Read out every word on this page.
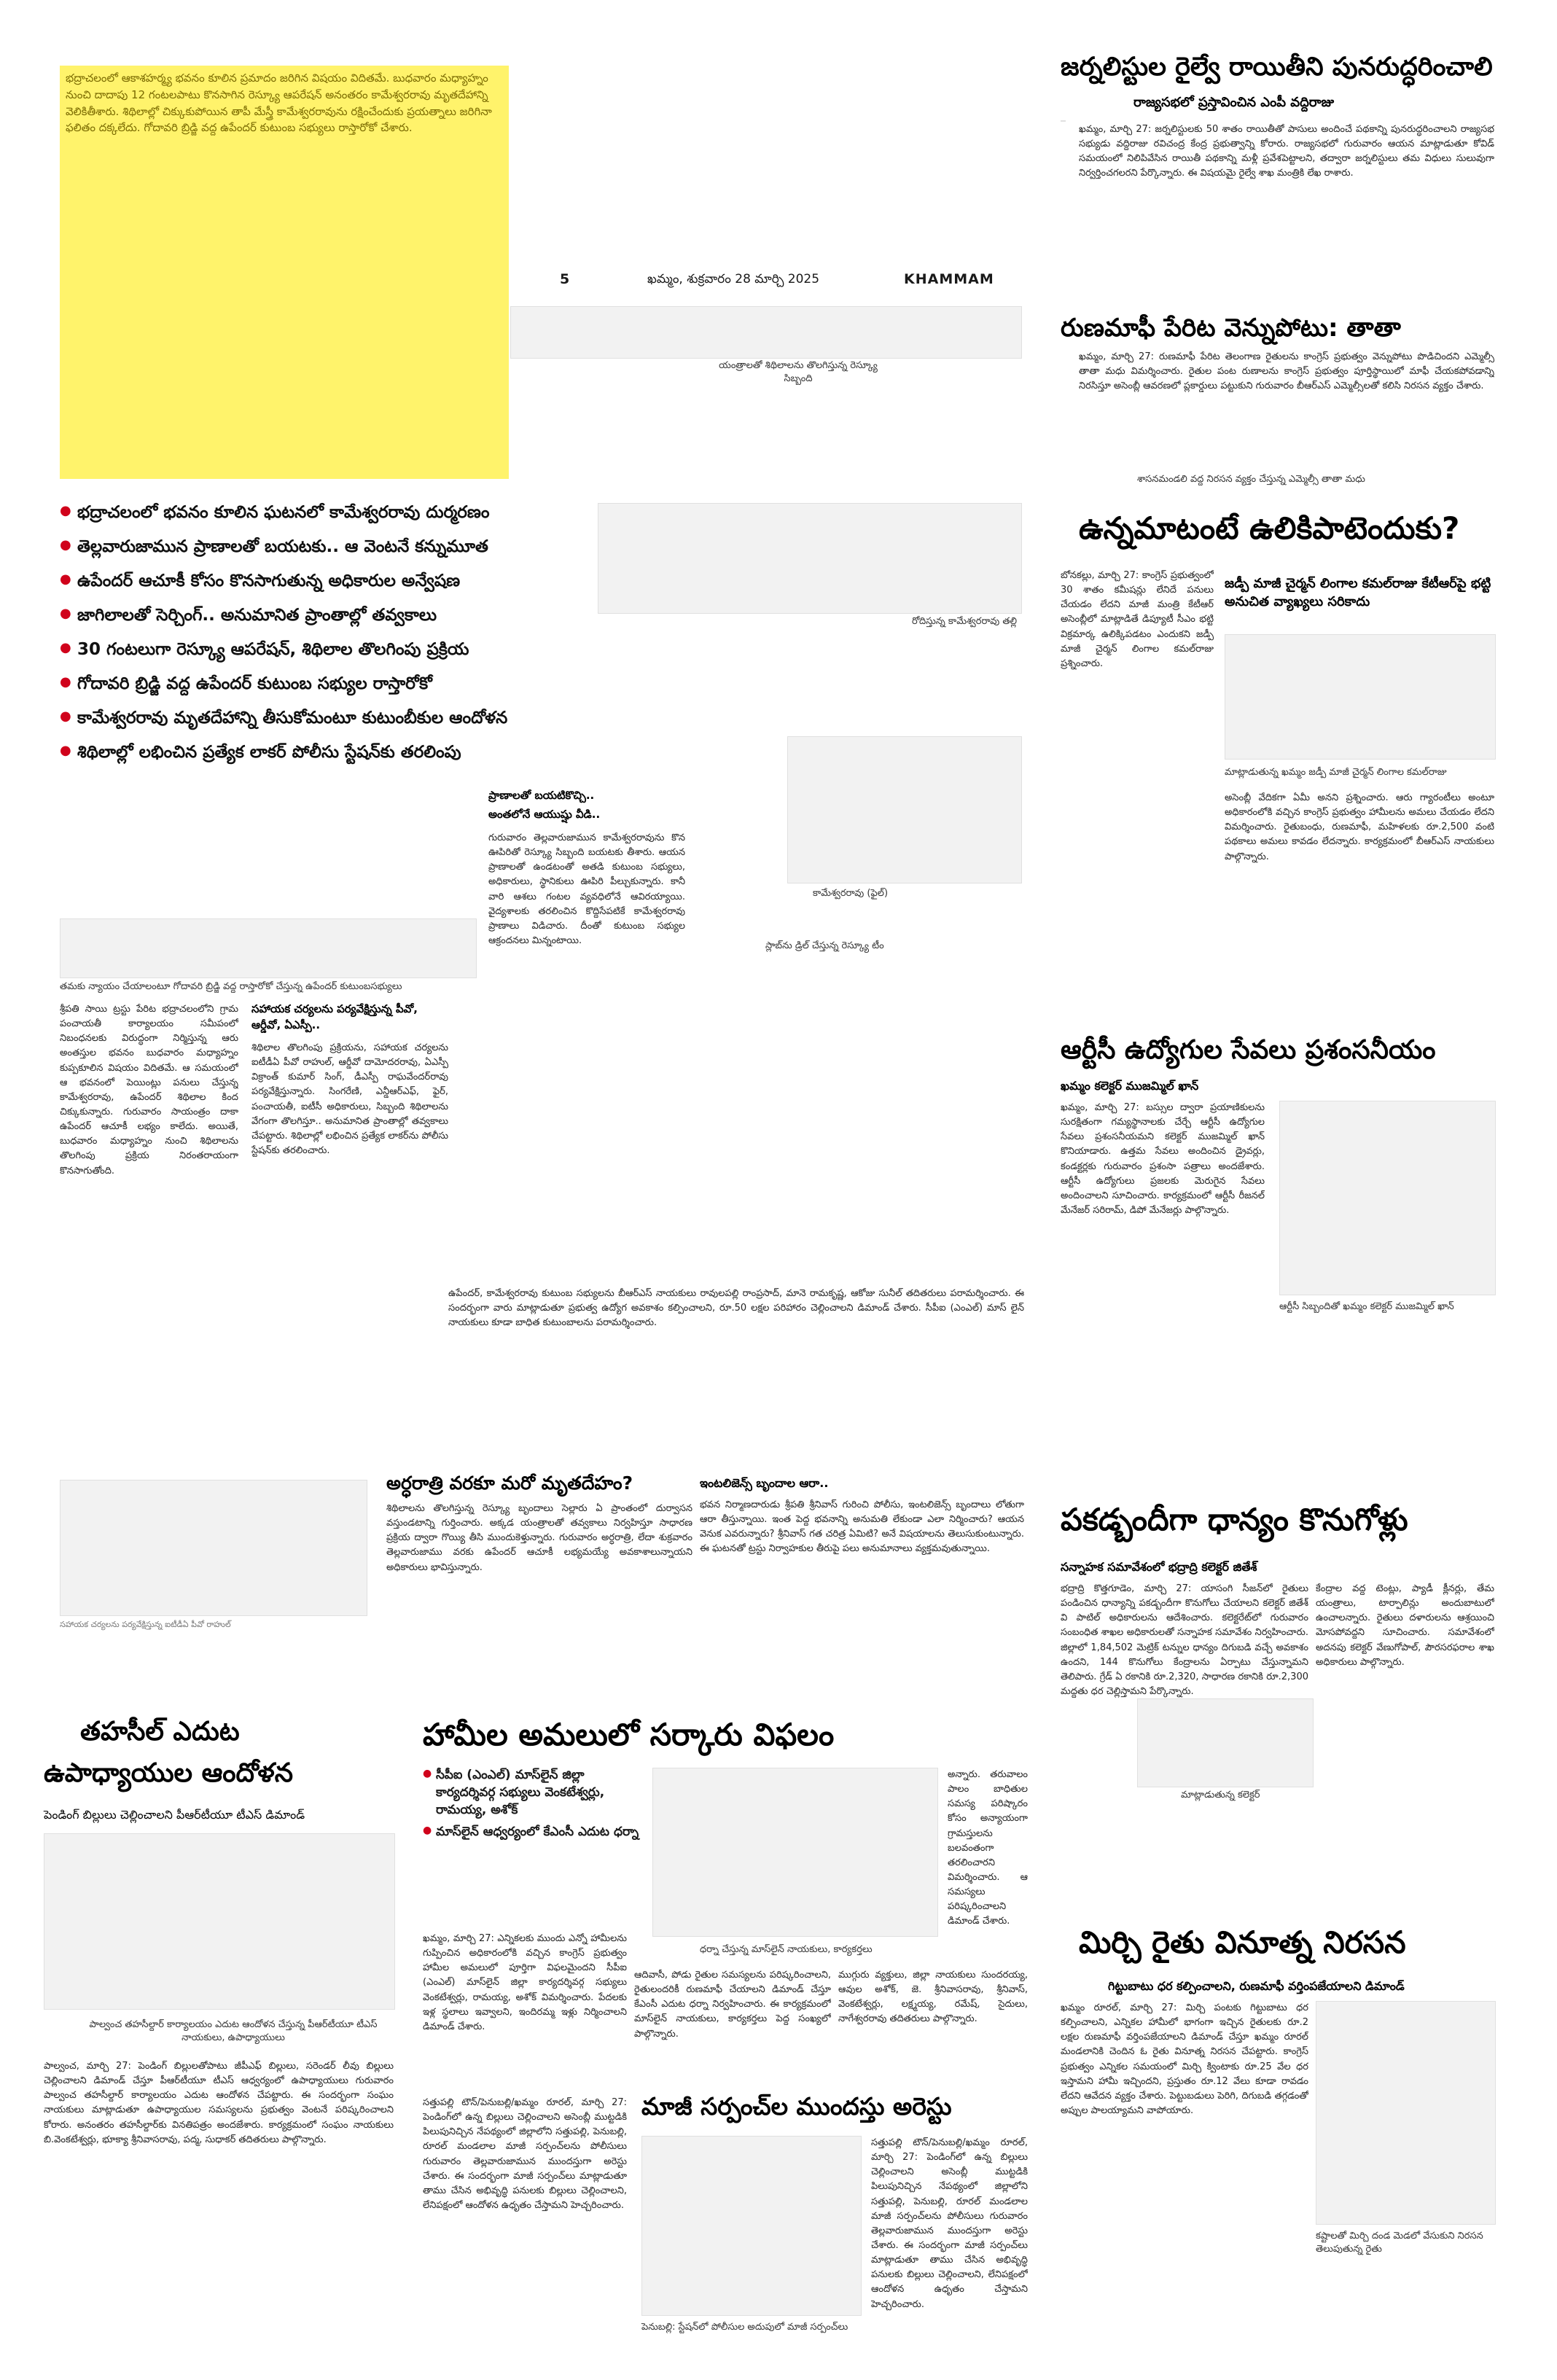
భద్రాచలంలో ఆకాశహర్మ్య భవనం కూలిన ప్రమాదం జరిగిన విషయం విదితమే. బుధవారం మధ్యాహ్నం నుంచి దాదాపు 12 గంటలపాటు కొనసాగిన రెస్క్యూ ఆపరేషన్ అనంతరం కామేశ్వరరావు మృతదేహాన్ని వెలికితీశారు. శిథిలాల్లో చిక్కుకుపోయిన తాపీ మేస్త్రీ కామేశ్వరరావును రక్షించేందుకు ప్రయత్నాలు జరిగినా ఫలితం దక్కలేదు. గోదావరి బ్రిడ్జి వద్ద ఉపేందర్ కుటుంబ సభ్యులు రాస్తారోకో చేశారు.
5	ఖమ్మం, శుక్రవారం 28 మార్చి 2025	KHAMMAM
యంత్రాలతో శిథిలాలను తొలగిస్తున్న రెస్క్యూ సిబ్బంది
● భద్రాచలంలో భవనం కూలిన ఘటనలో కామేశ్వరరావు దుర్మరణం
● తెల్లవారుజామున ప్రాణాలతో బయటకు.. ఆ వెంటనే కన్నుమూత
● ఉపేందర్ ఆచూకీ కోసం కొనసాగుతున్న అధికారుల అన్వేషణ
● జాగిలాలతో సెర్చింగ్.. అనుమానిత ప్రాంతాల్లో తవ్వకాలు
● 30 గంటలుగా రెస్క్యూ ఆపరేషన్, శిథిలాల తొలగింపు ప్రక్రియ
● గోదావరి బ్రిడ్జి వద్ద ఉపేందర్ కుటుంబ సభ్యుల రాస్తారోకో
● కామేశ్వరరావు మృతదేహాన్ని తీసుకోమంటూ కుటుంబీకుల ఆందోళన
● శిథిలాల్లో లభించిన ప్రత్యేక లాకర్ పోలీసు స్టేషన్‌కు తరలింపు
రోదిస్తున్న కామేశ్వరరావు తల్లి
కామేశ్వరరావు (ఫైల్)
స్లాబ్‌ను డ్రిల్ చేస్తున్న రెస్క్యూ టీం
తమకు న్యాయం చేయాలంటూ గోదావరి బ్రిడ్జి వద్ద రాస్తారోకో చేస్తున్న ఉపేందర్ కుటుంబసభ్యులు
శ్రీపతి సాయి ట్రస్టు పేరిట భద్రాచలంలోని గ్రామ పంచాయతీ కార్యాలయం సమీపంలో నిబంధనలకు విరుద్ధంగా నిర్మిస్తున్న ఆరు అంతస్తుల భవనం బుధవారం మధ్యాహ్నం కుప్పకూలిన విషయం విదితమే. ఆ సమయంలో ఆ భవనంలో పెయింట్లు పనులు చేస్తున్న కామేశ్వరరావు, ఉపేందర్ శిథిలాల కింద చిక్కుకున్నారు. గురువారం సాయంత్రం దాకా ఉపేందర్ ఆచూకీ లభ్యం కాలేదు. అయితే, బుధవారం మధ్యాహ్నం నుంచి శిథిలాలను తొలగింపు ప్రక్రియ నిరంతరాయంగా కొనసాగుతోంది.
సహాయక చర్యలను పర్యవేక్షిస్తున్న పీవో, ఆర్డీవో, ఏఎస్పీ..
శిథిలాల తొలగింపు ప్రక్రియను, సహాయక చర్యలను ఐటీడీఏ పీవో రాహుల్, ఆర్డీవో దామోదరరావు, ఏఎస్పీ విక్రాంత్ కుమార్ సింగ్, డీఎస్పీ రాఘవేందర్‌రావు పర్యవేక్షిస్తున్నారు. సింగరేణి, ఎన్డీఆర్ఎఫ్, ఫైర్, పంచాయతీ, ఐటీసీ అధికారులు, సిబ్బంది శిథిలాలను వేగంగా తొలగిస్తూ.. అనుమానిత ప్రాంతాల్లో తవ్వకాలు చేపట్టారు. శిథిలాల్లో లభించిన ప్రత్యేక లాకర్‌ను పోలీసు స్టేషన్‌కు తరలించారు.
ప్రాణాలతో బయటికొచ్చి..
అంతలోనే ఆయుష్షు వీడి..
గురువారం తెల్లవారుజామున కామేశ్వరరావును కొన ఊపిరితో రెస్క్యూ సిబ్బంది బయటకు తీశారు. ఆయన ప్రాణాలతో ఉండటంతో అతడి కుటుంబ సభ్యులు, అధికారులు, స్థానికులు ఊపిరి పీల్చుకున్నారు. కానీ వారి ఆశలు గంటల వ్యవధిలోనే ఆవిరయ్యాయి. వైద్యశాలకు తరలించిన కొద్దిసేపటికే కామేశ్వరరావు ప్రాణాలు విడిచారు. దీంతో కుటుంబ సభ్యుల ఆక్రందనలు మిన్నంటాయి.
ఉపేందర్, కామేశ్వరరావు కుటుంబ సభ్యులను బీఆర్ఎస్ నాయకులు రావులపల్లి రాంప్రసాద్, మానె రామకృష్ణ, ఆకోజు సునీల్ తదితరులు పరామర్శించారు. ఈ సందర్భంగా వారు మాట్లాడుతూ ప్రభుత్వ ఉద్యోగ అవకాశం కల్పించాలని, రూ.50 లక్షల పరిహారం చెల్లించాలని డిమాండ్ చేశారు. సీపీఐ (ఎంఎల్) మాస్ లైన్ నాయకులు కూడా బాధిత కుటుంబాలను పరామర్శించారు.
అర్ధరాత్రి వరకూ మరో మృతదేహం?
శిథిలాలను తొలగిస్తున్న రెస్క్యూ బృందాలు సెల్లారు ఏ ప్రాంతంలో దుర్వాసన వస్తుండటాన్ని గుర్తించారు. అక్కడ యంత్రాలతో తవ్వకాలు నిర్వహిస్తూ సాధారణ ప్రక్రియ ద్వారా గొయ్యి తీసి ముందుకెళ్తున్నారు. గురువారం అర్ధరాత్రి, లేదా శుక్రవారం తెల్లవారుజాము వరకు ఉపేందర్ ఆచూకీ లభ్యమయ్యే అవకాశాలున్నాయని అధికారులు భావిస్తున్నారు.
సహాయక చర్యలను పర్యవేక్షిస్తున్న ఐటీడీఏ పీవో రాహుల్
ఇంటలిజెన్స్ బృందాల ఆరా..
భవన నిర్మాణదారుడు శ్రీపతి శ్రీనివాస్ గురించి పోలీసు, ఇంటలిజెన్స్ బృందాలు లోతుగా ఆరా తీస్తున్నాయి. ఇంత పెద్ద భవనాన్ని అనుమతి లేకుండా ఎలా నిర్మించారు? ఆయన వెనుక ఎవరున్నారు? శ్రీనివాస్ గత చరిత్ర ఏమిటి? అనే విషయాలను తెలుసుకుంటున్నారు. ఈ ఘటనతో ట్రస్టు నిర్వాహకుల తీరుపై పలు అనుమానాలు వ్యక్తమవుతున్నాయి.
తహసీల్ ఎదుట
ఉపాధ్యాయుల ఆందోళన
పెండింగ్ బిల్లులు చెల్లించాలని పీఆర్‌టీయూ టీఎస్ డిమాండ్
పాల్వంచ తహసీల్దార్ కార్యాలయం ఎదుట ఆందోళన చేస్తున్న పీఆర్‌టీయూ టీఎస్ నాయకులు, ఉపాధ్యాయులు
పాల్వంచ, మార్చి 27: పెండింగ్ బిల్లులతోపాటు జీపీఎఫ్ బిల్లులు, సరెండర్ లీవు బిల్లులు చెల్లించాలని డిమాండ్ చేస్తూ పీఆర్‌టీయూ టీఎస్ ఆధ్వర్యంలో ఉపాధ్యాయులు గురువారం పాల్వంచ తహసీల్దార్ కార్యాలయం ఎదుట ఆందోళన చేపట్టారు. ఈ సందర్భంగా సంఘం నాయకులు మాట్లాడుతూ ఉపాధ్యాయుల సమస్యలను ప్రభుత్వం వెంటనే పరిష్కరించాలని కోరారు. అనంతరం తహసీల్దార్‌కు వినతిపత్రం అందజేశారు. కార్యక్రమంలో సంఘం నాయకులు బి.వెంకటేశ్వర్లు, భూక్యా శ్రీనివాసరావు, పద్మ, సుధాకర్ తదితరులు పాల్గొన్నారు.
హామీల అమలులో సర్కారు విఫలం
● సీపీఐ (ఎంఎల్) మాస్‌లైన్ జిల్లా కార్యదర్శివర్గ సభ్యులు వెంకటేశ్వర్లు, రామయ్య, అశోక్
● మాస్‌లైన్ ఆధ్వర్యంలో కేఎంసీ ఎదుట ధర్నా
ధర్నా చేస్తున్న మాస్‌లైన్ నాయకులు, కార్యకర్తలు
అన్నారు. తరువాలం పాలం బాధితుల సమస్య పరిష్కారం కోసం అన్యాయంగా గ్రామస్తులను బలవంతంగా తరలించారని విమర్శించారు. ఆ సమస్యలు పరిష్కరించాలని డిమాండ్ చేశారు.
ఖమ్మం, మార్చి 27: ఎన్నికలకు ముందు ఎన్నో హామీలను గుప్పించిన అధికారంలోకి వచ్చిన కాంగ్రెస్ ప్రభుత్వం హామీల అమలులో పూర్తిగా విఫలమైందని సీపీఐ (ఎంఎల్) మాస్‌లైన్ జిల్లా కార్యదర్శివర్గ సభ్యులు వెంకటేశ్వర్లు, రామయ్య, అశోక్ విమర్శించారు. పేదలకు ఇళ్ల స్థలాలు ఇవ్వాలని, ఇందిరమ్మ ఇళ్లు నిర్మించాలని డిమాండ్ చేశారు.
ఆదివాసీ, పోడు రైతుల సమస్యలను పరిష్కరించాలని, రైతులందరికీ రుణమాఫీ చేయాలని డిమాండ్ చేస్తూ కేఎంసీ ఎదుట ధర్నా నిర్వహించారు. ఈ కార్యక్రమంలో మాస్‌లైన్ నాయకులు, కార్యకర్తలు పెద్ద సంఖ్యలో పాల్గొన్నారు.
ముగ్గురు వ్యక్తులు, జిల్లా నాయకులు సుందరయ్య, ఆవుల అశోక్, జె. శ్రీనివాసరావు, శ్రీనివాస్, వెంకటేశ్వర్లు, లక్ష్మయ్య, రమేష్, సైదులు, నాగేశ్వరరావు తదితరులు పాల్గొన్నారు.
మాజీ సర్పంచ్‌ల ముందస్తు అరెస్టు
సత్తుపల్లి టౌన్/పెనుబల్లి/ఖమ్మం రూరల్, మార్చి 27: పెండింగ్‌లో ఉన్న బిల్లులు చెల్లించాలని అసెంబ్లీ ముట్టడికి పిలుపునిచ్చిన నేపథ్యంలో జిల్లాలోని సత్తుపల్లి, పెనుబల్లి, రూరల్ మండలాల మాజీ సర్పంచ్‌లను పోలీసులు గురువారం తెల్లవారుజామున ముందస్తుగా అరెస్టు చేశారు. ఈ సందర్భంగా మాజీ సర్పంచ్‌లు మాట్లాడుతూ తాము చేసిన అభివృద్ధి పనులకు బిల్లులు చెల్లించాలని, లేనిపక్షంలో ఆందోళన ఉధృతం చేస్తామని హెచ్చరించారు.
పెనుబల్లి: స్టేషన్‌లో పోలీసుల అదుపులో మాజీ సర్పంచ్‌లు
సత్తుపల్లి టౌన్/పెనుబల్లి/ఖమ్మం రూరల్, మార్చి 27: పెండింగ్‌లో ఉన్న బిల్లులు చెల్లించాలని అసెంబ్లీ ముట్టడికి పిలుపునిచ్చిన నేపథ్యంలో జిల్లాలోని సత్తుపల్లి, పెనుబల్లి, రూరల్ మండలాల మాజీ సర్పంచ్‌లను పోలీసులు గురువారం తెల్లవారుజామున ముందస్తుగా అరెస్టు చేశారు. ఈ సందర్భంగా మాజీ సర్పంచ్‌లు మాట్లాడుతూ తాము చేసిన అభివృద్ధి పనులకు బిల్లులు చెల్లించాలని, లేనిపక్షంలో ఆందోళన ఉధృతం చేస్తామని హెచ్చరించారు.
జర్నలిస్టుల రైల్వే రాయితీని పునరుద్ధరించాలి
రాజ్యసభలో ప్రస్తావించిన ఎంపీ వద్దిరాజు
ఖమ్మం, మార్చి 27: జర్నలిస్టులకు 50 శాతం రాయితీతో పాసులు అందించే పథకాన్ని పునరుద్ధరించాలని రాజ్యసభ సభ్యుడు వద్దిరాజు రవిచంద్ర కేంద్ర ప్రభుత్వాన్ని కోరారు. రాజ్యసభలో గురువారం ఆయన మాట్లాడుతూ కోవిడ్ సమయంలో నిలిపివేసిన రాయితీ పథకాన్ని మళ్లీ ప్రవేశపెట్టాలని, తద్వారా జర్నలిస్టులు తమ విధులు సులువుగా నిర్వర్తించగలరని పేర్కొన్నారు. ఈ విషయమై రైల్వే శాఖ మంత్రికి లేఖ రాశారు.
రుణమాఫీ పేరిట వెన్నుపోటు: తాతా
ఖమ్మం, మార్చి 27: రుణమాఫీ పేరిట తెలంగాణ రైతులను కాంగ్రెస్ ప్రభుత్వం వెన్నుపోటు పొడిచిందని ఎమ్మెల్సీ తాతా మధు విమర్శించారు. రైతుల పంట రుణాలను కాంగ్రెస్ ప్రభుత్వం పూర్తిస్థాయిలో మాఫీ చేయకపోవడాన్ని నిరసిస్తూ అసెంబ్లీ ఆవరణలో ప్లకార్డులు పట్టుకుని గురువారం బీఆర్ఎస్ ఎమ్మెల్సీలతో కలిసి నిరసన వ్యక్తం చేశారు.
శాసనమండలి వద్ద నిరసన వ్యక్తం చేస్తున్న ఎమ్మెల్సీ తాతా మధు
ఉన్నమాటంటే ఉలికిపాటెందుకు?
బోనకల్లు, మార్చి 27: కాంగ్రెస్ ప్రభుత్వంలో 30 శాతం కమీషన్లు లేనిదే పనులు చేయడం లేదని మాజీ మంత్రి కేటీఆర్ అసెంబ్లీలో మాట్లాడితే డిప్యూటీ సీఎం భట్టి విక్రమార్క ఉలిక్కిపడటం ఎందుకని జడ్పీ మాజీ చైర్మన్ లింగాల కమల్‌రాజు ప్రశ్నించారు.
జడ్పీ మాజీ చైర్మన్ లింగాల కమల్‌రాజు కేటీఆర్‌పై భట్టి అనుచిత వ్యాఖ్యలు సరికాదు
మాట్లాడుతున్న ఖమ్మం జడ్పీ మాజీ చైర్మన్ లింగాల కమల్‌రాజు
అసెంబ్లీ వేదికగా ఏమీ అనని ప్రశ్నించారు. ఆరు గ్యారంటీలు అంటూ అధికారంలోకి వచ్చిన కాంగ్రెస్ ప్రభుత్వం హామీలను అమలు చేయడం లేదని విమర్శించారు. రైతుబంధు, రుణమాఫీ, మహిళలకు రూ.2,500 వంటి పథకాలు అమలు కావడం లేదన్నారు. కార్యక్రమంలో బీఆర్ఎస్ నాయకులు పాల్గొన్నారు.
ఆర్టీసీ ఉద్యోగుల సేవలు ప్రశంసనీయం
ఖమ్మం కలెక్టర్ ముజమ్మిల్ ఖాన్
ఖమ్మం, మార్చి 27: బస్సుల ద్వారా ప్రయాణికులను సురక్షితంగా గమ్యస్థానాలకు చేర్చే ఆర్టీసీ ఉద్యోగుల సేవలు ప్రశంసనీయమని కలెక్టర్ ముజమ్మిల్ ఖాన్ కొనియాడారు. ఉత్తమ సేవలు అందించిన డ్రైవర్లు, కండక్టర్లకు గురువారం ప్రశంసా పత్రాలు అందజేశారు. ఆర్టీసీ ఉద్యోగులు ప్రజలకు మెరుగైన సేవలు అందించాలని సూచించారు. కార్యక్రమంలో ఆర్టీసీ రీజనల్ మేనేజర్ సరిరామ్, డిపో మేనేజర్లు పాల్గొన్నారు.
ఆర్టీసీ సిబ్బందితో ఖమ్మం కలెక్టర్ ముజమ్మిల్ ఖాన్
పకడ్బందీగా ధాన్యం కొనుగోళ్లు
సన్నాహక సమావేశంలో భద్రాద్రి కలెక్టర్ జితేశ్
భద్రాద్రి కొత్తగూడెం, మార్చి 27: యాసంగి సీజన్‌లో రైతులు పండించిన ధాన్యాన్ని పకడ్బందీగా కొనుగోలు చేయాలని కలెక్టర్ జితేశ్ వి పాటిల్ అధికారులను ఆదేశించారు. కలెక్టరేట్‌లో గురువారం సంబంధిత శాఖల అధికారులతో సన్నాహక సమావేశం నిర్వహించారు. జిల్లాలో 1,84,502 మెట్రిక్ టన్నుల ధాన్యం దిగుబడి వచ్చే అవకాశం ఉందని, 144 కొనుగోలు కేంద్రాలను ఏర్పాటు చేస్తున్నామని తెలిపారు. గ్రేడ్ ఏ రకానికి రూ.2,320, సాధారణ రకానికి రూ.2,300 మద్దతు ధర చెల్లిస్తామని పేర్కొన్నారు.
కేంద్రాల వద్ద టెంట్లు, ప్యాడీ క్లీనర్లు, తేమ యంత్రాలు, టార్పాలిన్లు అందుబాటులో ఉంచాలన్నారు. రైతులు దళారులను ఆశ్రయించి మోసపోవద్దని సూచించారు. సమావేశంలో అదనపు కలెక్టర్ వేణుగోపాల్, పౌరసరఫరాల శాఖ అధికారులు పాల్గొన్నారు.
మాట్లాడుతున్న కలెక్టర్
మిర్చి రైతు వినూత్న నిరసన
గిట్టుబాటు ధర కల్పించాలని, రుణమాఫీ వర్తింపజేయాలని డిమాండ్
ఖమ్మం రూరల్, మార్చి 27: మిర్చి పంటకు గిట్టుబాటు ధర కల్పించాలని, ఎన్నికల హామీలో భాగంగా ఇచ్చిన రైతులకు రూ.2 లక్షల రుణమాఫీ వర్తింపజేయాలని డిమాండ్ చేస్తూ ఖమ్మం రూరల్ మండలానికి చెందిన ఓ రైతు వినూత్న నిరసన చేపట్టారు. కాంగ్రెస్ ప్రభుత్వం ఎన్నికల సమయంలో మిర్చి క్వింటాకు రూ.25 వేల ధర ఇస్తామని హామీ ఇచ్చిందని, ప్రస్తుతం రూ.12 వేలు కూడా రావడం లేదని ఆవేదన వ్యక్తం చేశారు. పెట్టుబడులు పెరిగి, దిగుబడి తగ్గడంతో అప్పుల పాలయ్యామని వాపోయారు.
కష్టాలతో మిర్చి దండ మెడలో వేసుకుని నిరసన తెలుపుతున్న రైతు
